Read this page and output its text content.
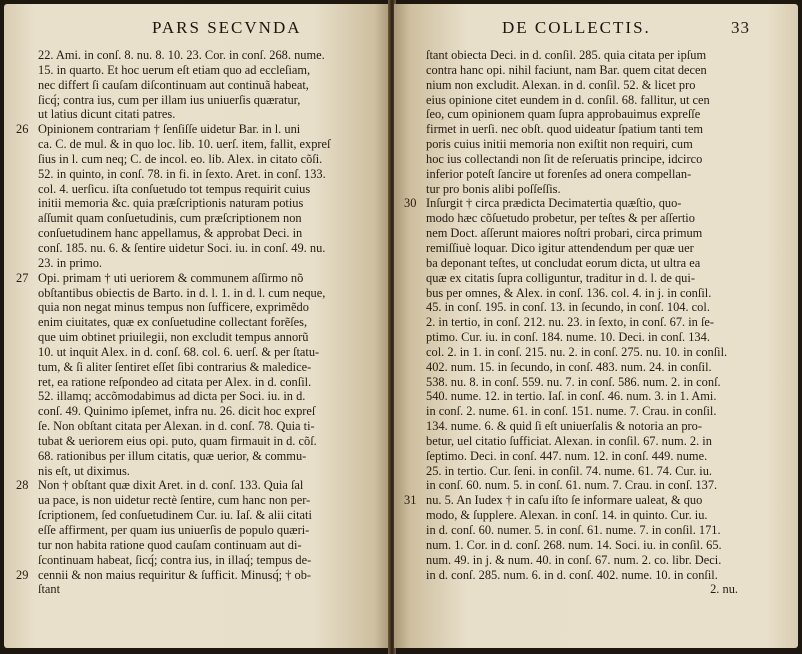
PARS SECVNDA
22. Ami. in conſ. 8. nu. 8. 10. 23. Cor. in conſ. 268. nume.
15. in quarto. Et hoc uerum eſt etiam quo ad eccleſiam,
nec differt ſi cauſam diſcontinuam aut continuã habeat,
ſicq́; contra ius, cum per illam ius uniuerſis quæratur,
ut latius dicunt citati patres.
26 Opinionem contrariam † ſenſiſſe uidetur Bar. in l. uni
ca. C. de mul. & in quo loc. lib. 10. uerſ. item, fallit, expreſ
ſius in l. cum neq; C. de incol. eo. lib. Alex. in citato cõſi.
52. in quinto, in conſ. 78. in fi. in ſexto. Aret. in conſ. 133.
col. 4. uerſicu. iſta conſuetudo tot tempus requirit cuius
initii memoria &c. quia præſcriptionis naturam potius
aſſumit quam conſuetudinis, cum præſcriptionem non
conſuetudinem hanc appellamus, & approbat Deci. in
conſ. 185. nu. 6. & ſentire uidetur Soci. iu. in conſ. 49. nu.
23. in primo.
27 Opi. primam † uti ueriorem & communem aſſirmo nõ
obſtantibus obiectis de Barto. in d. l. 1. in d. l. cum neque,
quia non negat minus tempus non ſufficere, exprimẽdo
enim ciuitates, quæ ex conſuetudine collectant forẽſes,
que uim obtinet priuilegii, non excludit tempus annorũ
10. ut inquit Alex. in d. conſ. 68. col. 6. uerſ. & per ſtatu-
tum, & ſi aliter ſentiret eſſet ſibi contrarius & maledice-
ret, ea ratione reſpondeo ad citata per Alex. in d. conſil.
52. illamq; accõmodabimus ad dicta per Soci. iu. in d.
conſ. 49. Quinimo ipſemet, infra nu. 26. dicit hoc expreſ
ſe. Non obſtant citata per Alexan. in d. conſ. 78. Quia ti-
tubat & ueriorem eius opi. puto, quam firmauit in d. cõſ.
68. rationibus per illum citatis, quæ uerior, & commu-
nis eſt, ut diximus.
28 Non † obſtant quæ dixit Aret. in d. conſ. 133. Quia ſal
ua pace, is non uidetur rectè ſentire, cum hanc non per-
ſcriptionem, ſed conſuetudinem Cur. iu. Iaſ. & alii citati
eſſe affirment, per quam ius uniuerſis de populo quæri-
tur non habita ratione quod cauſam continuam aut di-
ſcontinuam habeat, ſicq́; contra ius, in illaq́; tempus de-
29 cennii & non maius requiritur & ſufficit. Minusq́; † ob-
ſtant
DE COLLECTIS.	33
ſtant obiecta Deci. in d. conſil. 285. quia citata per ipſum
contra hanc opi. nihil faciunt, nam Bar. quem citat decen
nium non excludit. Alexan. in d. conſil. 52. & licet pro
eius opinione citet eundem in d. conſil. 68. fallitur, ut cen
ſeo, cum opinionem quam ſupra approbauimus expreſſe
firmet in uerſi. nec obſt. quod uideatur ſpatium tanti tem
poris cuius initii memoria non exiſtit non requiri, cum
hoc ius collectandi non ſit de reſeruatis principe, idcirco
inferior poteſt ſancire ut forenſes ad onera compellan-
tur pro bonis alibi poſſeſſis.
30 Inſurgit † circa prædicta Decimatertia quæſtio, quo-
modo hæc cõſuetudo probetur, per teſtes & per aſſertio
nem Doct. aſſerunt maiores noſtri probari, circa primum
remiſſiuè loquar. Dico igitur attendendum per quæ uer
ba deponant teſtes, ut concludat eorum dicta, ut ultra ea
quæ ex citatis ſupra colliguntur, traditur in d. l. de qui-
bus per omnes, & Alex. in conſ. 136. col. 4. in j. in conſil.
45. in conſ. 195. in conſ. 13. in ſecundo, in conſ. 104. col.
2. in tertio, in conſ. 212. nu. 23. in ſexto, in conſ. 67. in ſe-
ptimo. Cur. iu. in conſ. 184. nume. 10. Deci. in conſ. 134.
col. 2. in 1. in conſ. 215. nu. 2. in conſ. 275. nu. 10. in conſil.
402. num. 15. in ſecundo, in conſ. 483. num. 24. in conſil.
538. nu. 8. in conſ. 559. nu. 7. in conſ. 586. num. 2. in conſ.
540. nume. 12. in tertio. Iaſ. in conſ. 46. num. 3. in 1. Ami.
in conſ. 2. nume. 61. in conſ. 151. nume. 7. Crau. in conſil.
134. nume. 6. & quid ſi eſt uniuerſalis & notoria an pro-
betur, uel citatio ſufficiat. Alexan. in conſil. 67. num. 2. in
ſeptimo. Deci. in conſ. 447. num. 12. in conſ. 449. nume.
25. in tertio. Cur. ſeni. in conſil. 74. nume. 61. 74. Cur. iu.
in conſ. 60. num. 5. in conſ. 61. num. 7. Crau. in conſ. 137.
31 nu. 5. An Iudex † in caſu iſto ſe informare ualeat, & quo
modo, & ſupplere. Alexan. in conſ. 14. in quinto. Cur. iu.
in d. conſ. 60. numer. 5. in conſ. 61. nume. 7. in conſil. 171.
num. 1. Cor. in d. conſ. 268. num. 14. Soci. iu. in conſil. 65.
num. 49. in j. & num. 40. in conſ. 67. num. 2. co. libr. Deci.
in d. conſ. 285. num. 6. in d. conſ. 402. nume. 10. in conſil.
2. nu.
